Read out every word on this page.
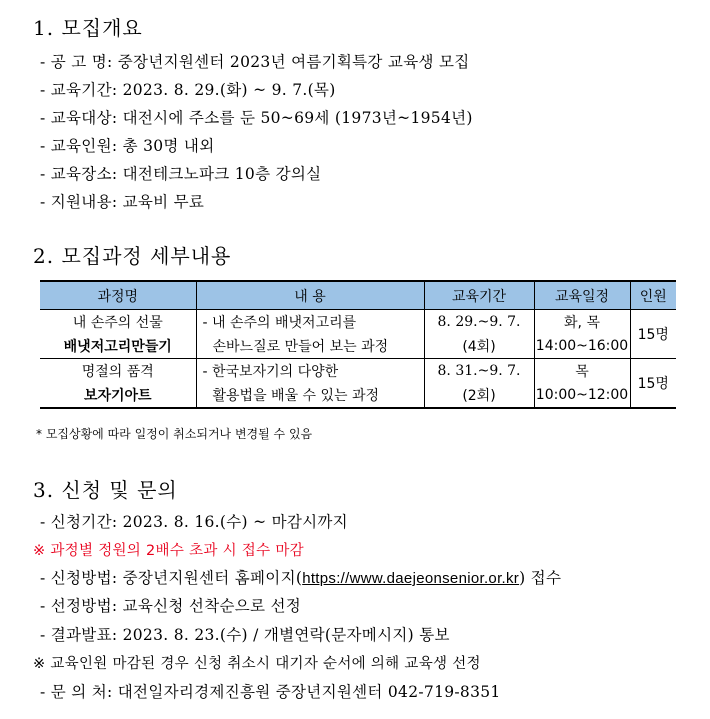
1. 모집개요
- 공 고 명: 중장년지원센터 2023년 여름기획특강 교육생 모집
- 교육기간: 2023. 8. 29.(화) ~ 9. 7.(목)
- 교육대상: 대전시에 주소를 둔 50~69세 (1973년~1954년)
- 교육인원: 총 30명 내외
- 교육장소: 대전테크노파크 10층 강의실
- 지원내용: 교육비 무료
2. 모집과정 세부내용
과정명	내 용	교육기간	교육일정	인원
내 손주의 선물	- 내 손주의 배냇저고리를	8. 29.~9. 7.	화, 목	15명
배냇저고리만들기	손바느질로 만들어 보는 과정	(4회)	14:00~16:00	
명절의 품격	- 한국보자기의 다양한	8. 31.~9. 7.	목	15명
보자기아트	활용법을 배울 수 있는 과정	(2회)	10:00~12:00	
* 모집상황에 따라 일정이 취소되거나 변경될 수 있음
3. 신청 및 문의
- 신청기간: 2023. 8. 16.(수) ~ 마감시까지
※ 과정별 정원의 2배수 초과 시 접수 마감
- 신청방법: 중장년지원센터 홈페이지(https://www.daejeonsenior.or.kr) 접수
- 선정방법: 교육신청 선착순으로 선정
- 결과발표: 2023. 8. 23.(수) / 개별연락(문자메시지) 통보
※ 교육인원 마감된 경우 신청 취소시 대기자 순서에 의해 교육생 선정
- 문 의 처: 대전일자리경제진흥원 중장년지원센터 042-719-8351
